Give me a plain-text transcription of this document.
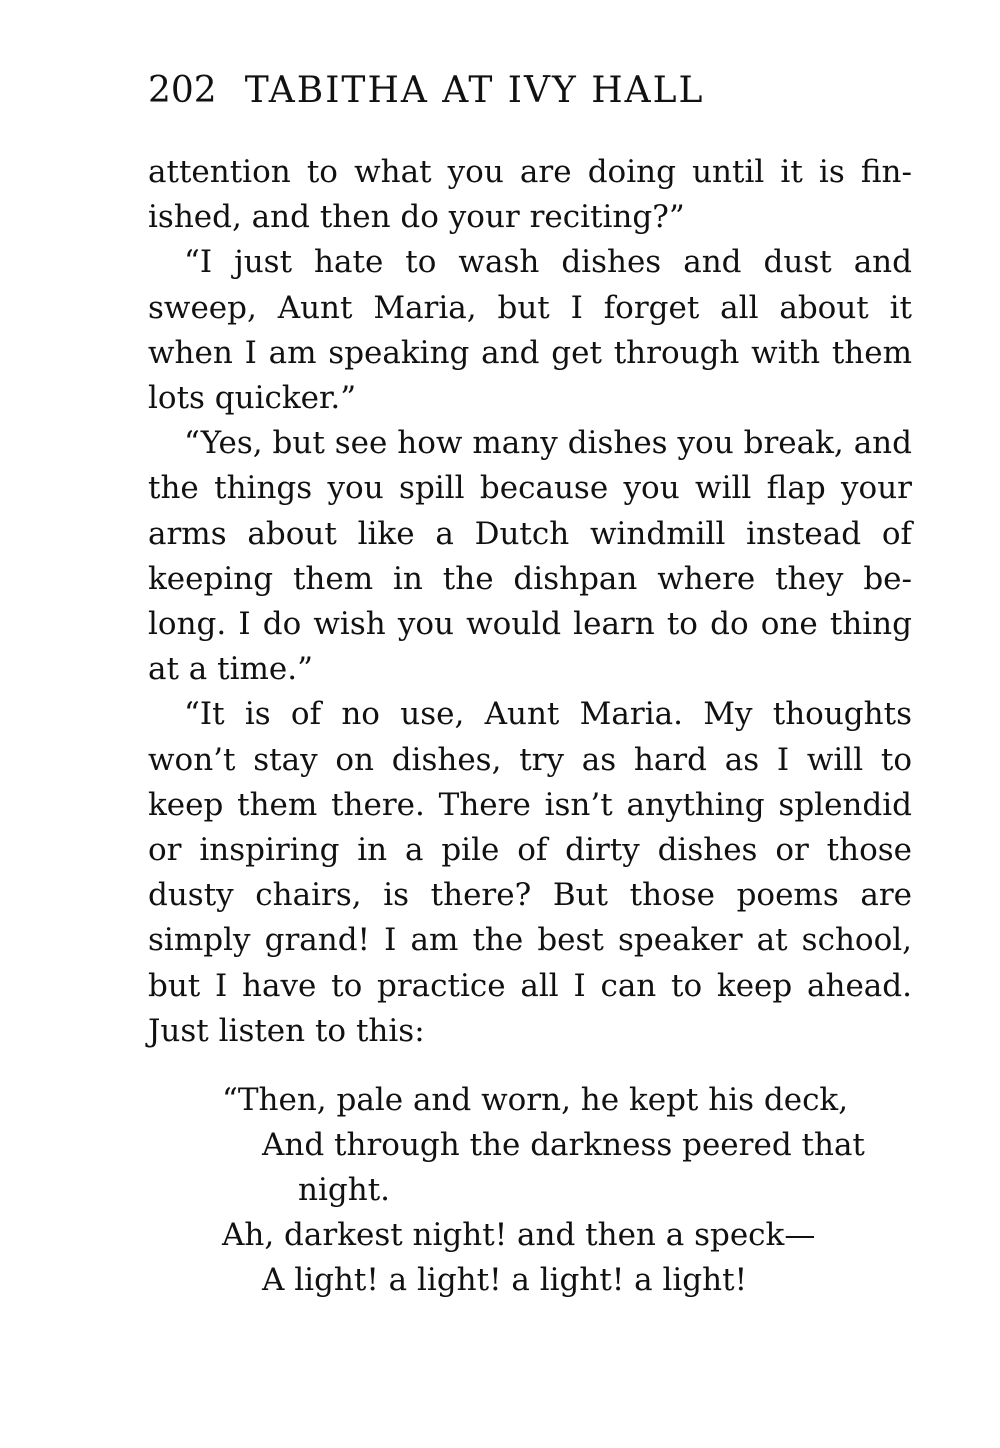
202 TABITHA AT IVY HALL

attention to what you are doing until it is fin-ished, and then do your reciting?”

“I just hate to wash dishes and dust and sweep, Aunt Maria, but I forget all about it when I am speaking and get through with them lots quicker.”

“Yes, but see how many dishes you break, and the things you spill because you will flap your arms about like a Dutch windmill instead of keeping them in the dishpan where they be-long. I do wish you would learn to do one thing at a time.”

“It is of no use, Aunt Maria. My thoughts won’t stay on dishes, try as hard as I will to keep them there. There isn’t anything splendid or inspiring in a pile of dirty dishes or those dusty chairs, is there? But those poems are simply grand! I am the best speaker at school, but I have to practice all I can to keep ahead. Just listen to this:

“Then, pale and worn, he kept his deck,
And through the darkness peered that
night.
Ah, darkest night! and then a speck—
A light! a light! a light! a light!
